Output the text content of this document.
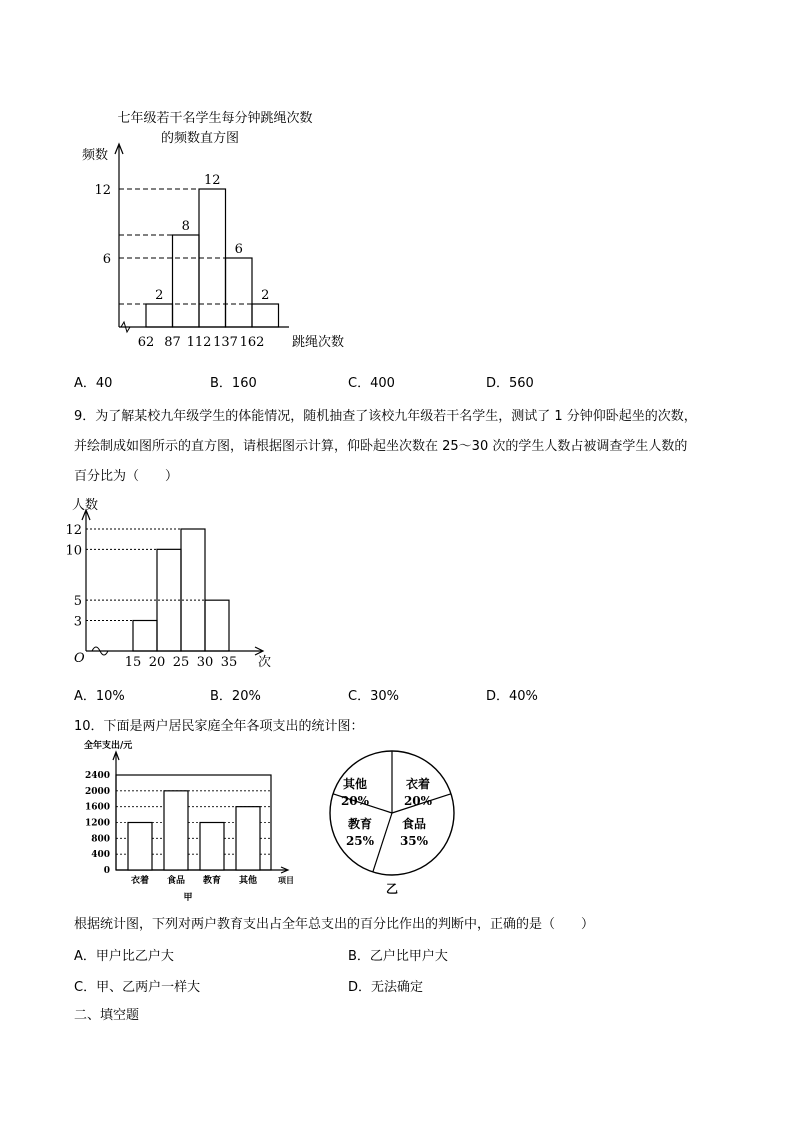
七年级若干名学生每分钟跳绳次数
的频数直方图
频数
跳绳次数
2
8
12
6
2
6
12
62 87 112 137 162
人数
次
O
3
5
10
12
15 20 25 30 35
全年支出/元
项目
甲
0
400
800
1200
1600
2000
2400
衣着 食品 教育 其他
乙
其他
20%
衣着
20%
食品
35%
教育
25%
A．40	B．160	C．400	D．560
9．为了解某校九年级学生的体能情况，随机抽查了该校九年级若干名学生，测试了 1 分钟仰卧起坐的次数，
并绘制成如图所示的直方图，请根据图示计算，仰卧起坐次数在 25～30 次的学生人数占被调查学生人数的
百分比为（　　）
A．10%	B．20%	C．30%	D．40%
10．下面是两户居民家庭全年各项支出的统计图：
根据统计图，下列对两户教育支出占全年总支出的百分比作出的判断中，正确的是（　　）
A．甲户比乙户大	B．乙户比甲户大
C．甲、乙两户一样大	D．无法确定
二、填空题
